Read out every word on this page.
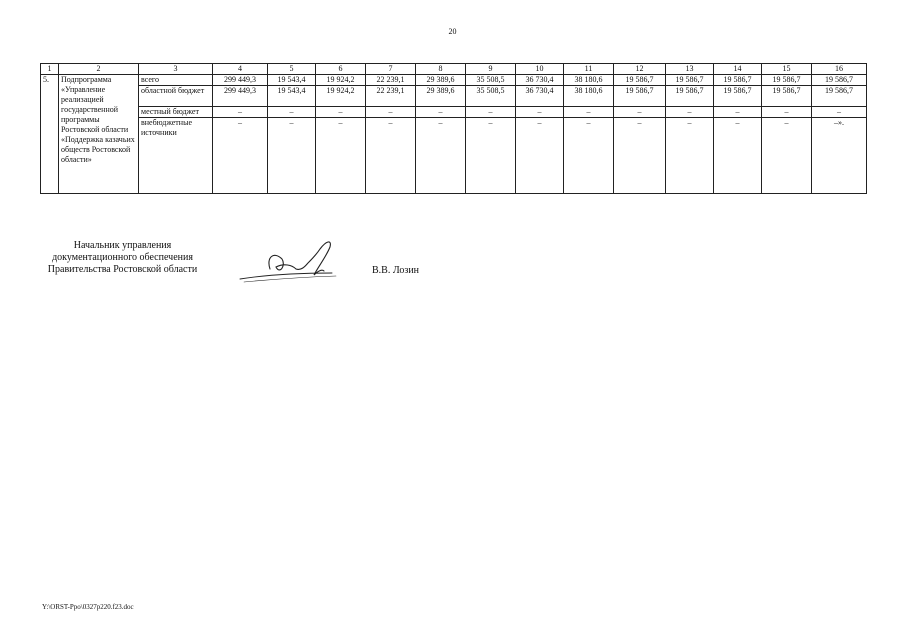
20
1	2	3	4	5	6	7	8	9	10	11	12	13	14	15	16
5.	Подпрограмма «Управление реализацией государственной программы Ростовской области «Поддержка казачьих обществ Ростовской области»	всего	299 449,3	19 543,4	19 924,2	22 239,1	29 389,6	35 508,5	36 730,4	38 180,6	19 586,7	19 586,7	19 586,7	19 586,7	19 586,7
		областной бюджет	299 449,3	19 543,4	19 924,2	22 239,1	29 389,6	35 508,5	36 730,4	38 180,6	19 586,7	19 586,7	19 586,7	19 586,7	19 586,7
		местный бюджет	–	–	–	–	–	–	–	–	–	–	–	–	–
		внебюджетные источники	–	–	–	–	–	–	–	–	–	–	–	–	–».
Начальник управления документационного обеспечения Правительства Ростовской области	В.В. Лозин
Y:\ORST-Ppo\0327p220.f23.doc
